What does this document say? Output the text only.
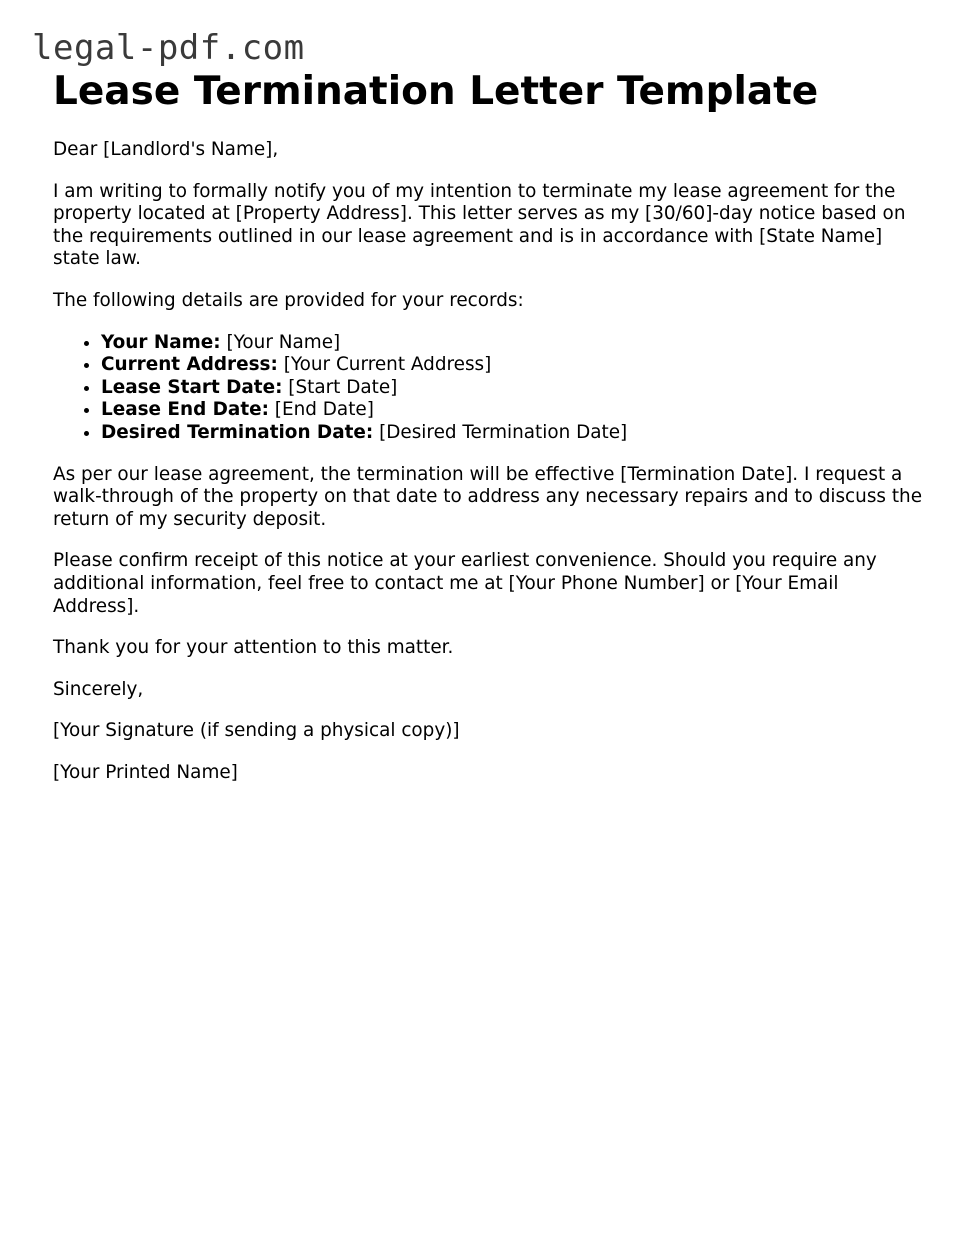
legal-pdf.com
Lease Termination Letter Template

Dear [Landlord's Name],

I am writing to formally notify you of my intention to terminate my lease agreement for the property located at [Property Address]. This letter serves as my [30/60]-day notice based on the requirements outlined in our lease agreement and is in accordance with [State Name] state law.

The following details are provided for your records:

• Your Name: [Your Name]
• Current Address: [Your Current Address]
• Lease Start Date: [Start Date]
• Lease End Date: [End Date]
• Desired Termination Date: [Desired Termination Date]

As per our lease agreement, the termination will be effective [Termination Date]. I request a walk-through of the property on that date to address any necessary repairs and to discuss the return of my security deposit.

Please confirm receipt of this notice at your earliest convenience. Should you require any additional information, feel free to contact me at [Your Phone Number] or [Your Email Address].

Thank you for your attention to this matter.

Sincerely,

[Your Signature (if sending a physical copy)]

[Your Printed Name]
